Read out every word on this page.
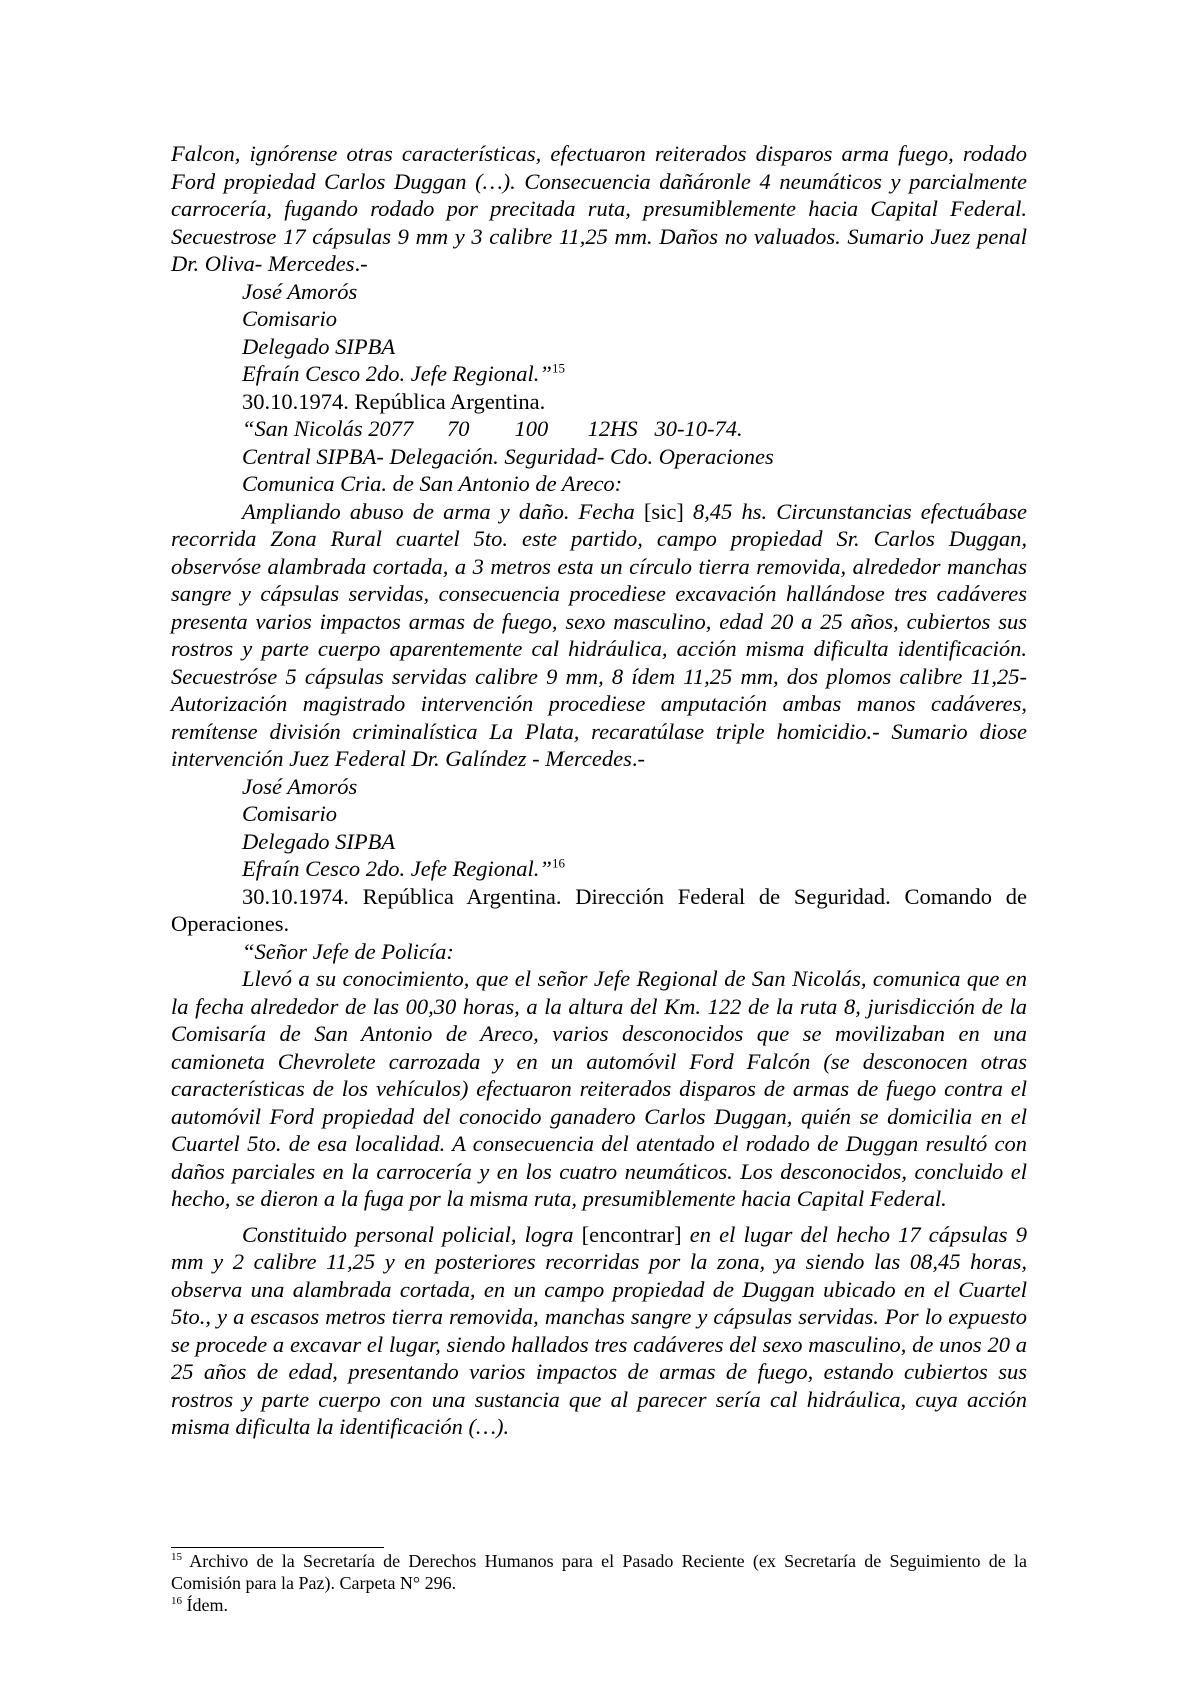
Falcon, ignórense otras características, efectuaron reiterados disparos arma fuego, rodado Ford propiedad Carlos Duggan (…). Consecuencia dañáronle 4 neumáticos y parcialmente carrocería, fugando rodado por precitada ruta, presumiblemente hacia Capital Federal. Secuestrose 17 cápsulas 9 mm y 3 calibre 11,25 mm. Daños no valuados. Sumario Juez penal Dr. Oliva- Mercedes.-

José Amorós
Comisario
Delegado SIPBA
Efraín Cesco 2do. Jefe Regional.”$^{15}$
30.10.1974. República Argentina.
“San Nicolás 2077      70        100       12HS   30-10-74.
Central SIPBA- Delegación. Seguridad- Cdo. Operaciones
Comunica Cria. de San Antonio de Areco:

Ampliando abuso de arma y daño. Fecha [sic] 8,45 hs. Circunstancias efectuábase recorrida Zona Rural cuartel 5to. este partido, campo propiedad Sr. Carlos Duggan, observóse alambrada cortada, a 3 metros esta un círculo tierra removida, alrededor manchas sangre y cápsulas servidas, consecuencia procediese excavación hallándose tres cadáveres presenta varios impactos armas de fuego, sexo masculino, edad 20 a 25 años, cubiertos sus rostros y parte cuerpo aparentemente cal hidráulica, acción misma dificulta identificación. Secuestróse 5 cápsulas servidas calibre 9 mm, 8 ídem 11,25 mm, dos plomos calibre 11,25- Autorización magistrado intervención procediese amputación ambas manos cadáveres, remítense división criminalística La Plata, recaratúlase triple homicidio.- Sumario diose intervención Juez Federal Dr. Galíndez - Mercedes.-

José Amorós
Comisario
Delegado SIPBA
Efraín Cesco 2do. Jefe Regional.”$^{16}$

30.10.1974. República Argentina. Dirección Federal de Seguridad. Comando de Operaciones.

“Señor Jefe de Policía:

Llevó a su conocimiento, que el señor Jefe Regional de San Nicolás, comunica que en la fecha alrededor de las 00,30 horas, a la altura del Km. 122 de la ruta 8, jurisdicción de la Comisaría de San Antonio de Areco, varios desconocidos que se movilizaban en una camioneta Chevrolete carrozada y en un automóvil Ford Falcón (se desconocen otras características de los vehículos) efectuaron reiterados disparos de armas de fuego contra el automóvil Ford propiedad del conocido ganadero Carlos Duggan, quién se domicilia en el Cuartel 5to. de esa localidad. A consecuencia del atentado el rodado de Duggan resultó con daños parciales en la carrocería y en los cuatro neumáticos. Los desconocidos, concluido el hecho, se dieron a la fuga por la misma ruta, presumiblemente hacia Capital Federal.

Constituido personal policial, logra [encontrar] en el lugar del hecho 17 cápsulas 9 mm y 2 calibre 11,25 y en posteriores recorridas por la zona, ya siendo las 08,45 horas, observa una alambrada cortada, en un campo propiedad de Duggan ubicado en el Cuartel 5to., y a escasos metros tierra removida, manchas sangre y cápsulas servidas. Por lo expuesto se procede a excavar el lugar, siendo hallados tres cadáveres del sexo masculino, de unos 20 a 25 años de edad, presentando varios impactos de armas de fuego, estando cubiertos sus rostros y parte cuerpo con una sustancia que al parecer sería cal hidráulica, cuya acción misma dificulta la identificación (…).

$^{15}$ Archivo de la Secretaría de Derechos Humanos para el Pasado Reciente (ex Secretaría de Seguimiento de la Comisión para la Paz). Carpeta N° 296.

$^{16}$ Ídem.
